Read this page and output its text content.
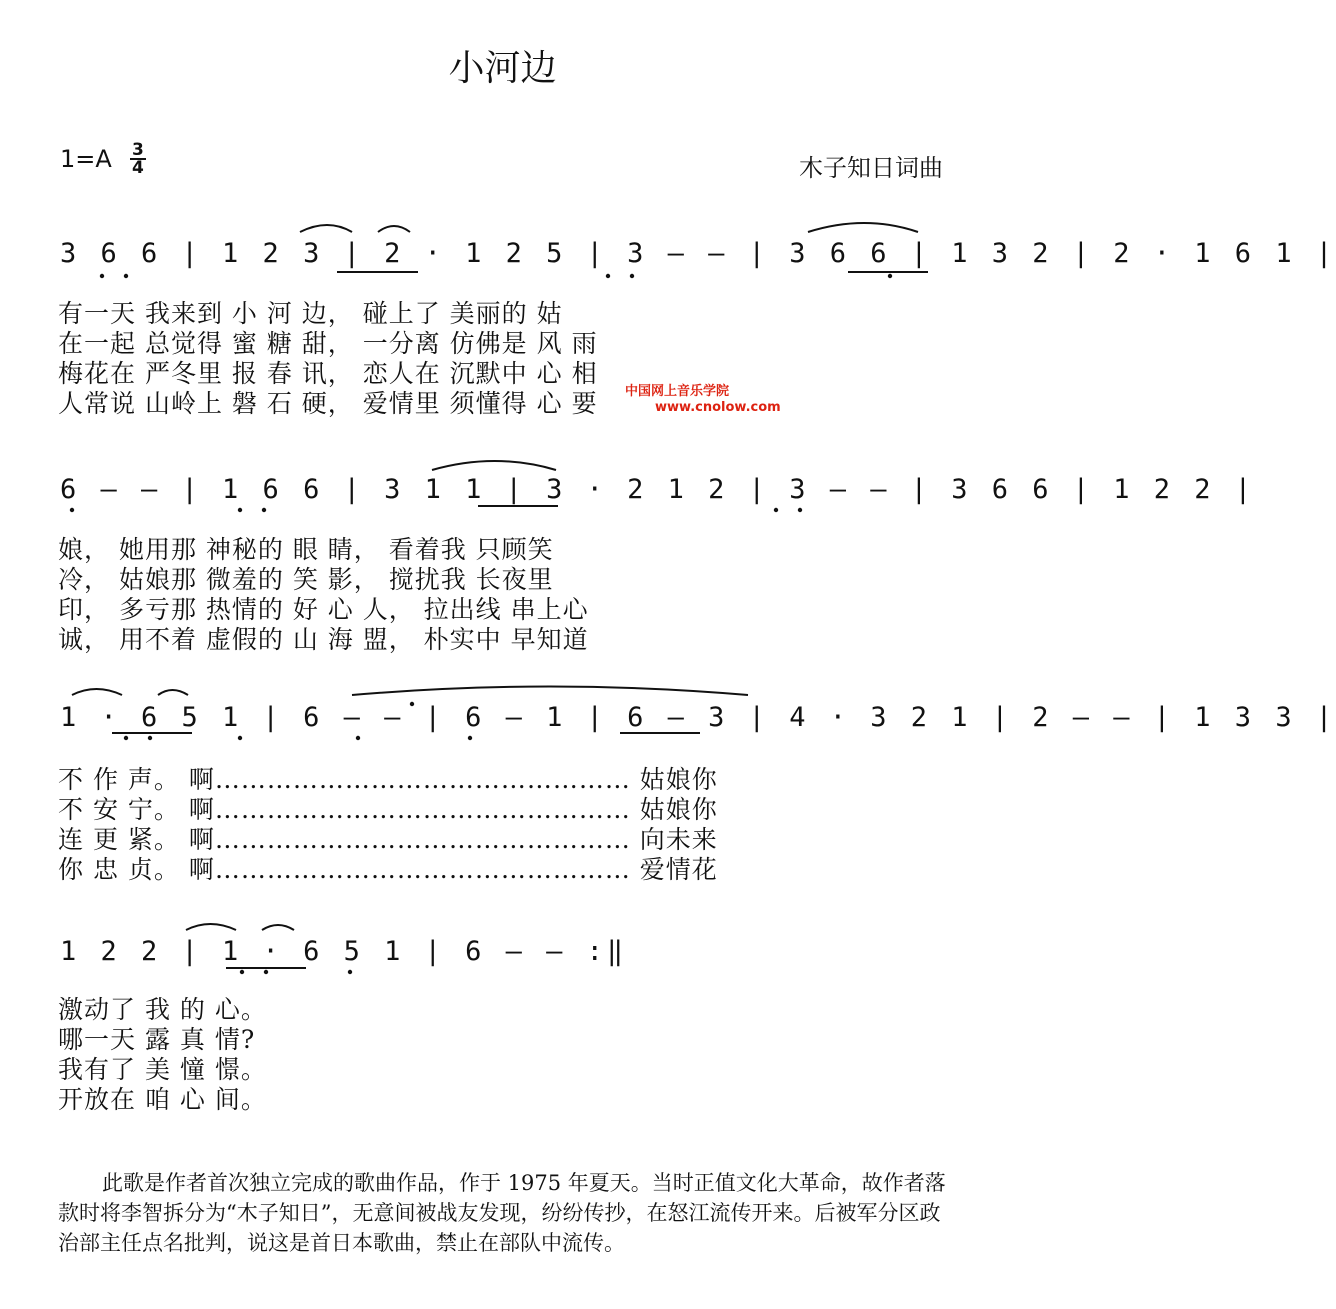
小河边
$1=A \frac{3}{4}$	木子知日词曲
3 6 6 | 1 2 3 | 2 · 1 2 5 | 3 – – | 3 6 6 | 1 3 2 | 2 · 1 6 1 |
有一天 我来到 小 河 边， 碰上了 美丽的 姑
在一起 总觉得 蜜 糖 甜， 一分离 仿佛是 风 雨
梅花在 严冬里 报 春 讯， 恋人在 沉默中 心 相
人常说 山岭上 磐 石 硬， 爱情里 须懂得 心 要 中国网上音乐学院
www.cnolow.com
6 – – | 1 6 6 | 3 1 1 | 3 · 2 1 2 | 3 – – | 3 6 6 | 1 2 2 |
娘， 她用那 神秘的 眼 睛， 看着我 只顾笑
冷， 姑娘那 微羞的 笑 影， 搅扰我 长夜里
印， 多亏那 热情的 好 心 人， 拉出线 串上心
诚， 用不着 虚假的 山 海 盟， 朴实中 早知道
1 · 6 5 1 | 6 – – | 6 – 1 | 6 – 3 | 4 · 3 2 1 | 2 – – | 1 3 3 |
不 作 声。 啊………………………………………… 姑娘你
不 安 宁。 啊………………………………………… 姑娘你
连 更 紧。 啊………………………………………… 向未来
你 忠 贞。 啊………………………………………… 爱情花
1 2 2 | 1 · 6 5 1 | 6 – – :‖
激动了 我 的 心。
哪一天 露 真 情?
我有了 美 憧 憬。
开放在 咱 心 间。

此歌是作者首次独立完成的歌曲作品，作于 1975 年夏天。当时正值文化大革命，故作者落款时将李智拆分为“木子知日”，无意间被战友发现，纷纷传抄，在怒江流传开来。后被军分区政治部主任点名批判，说这是首日本歌曲，禁止在部队中流传。
